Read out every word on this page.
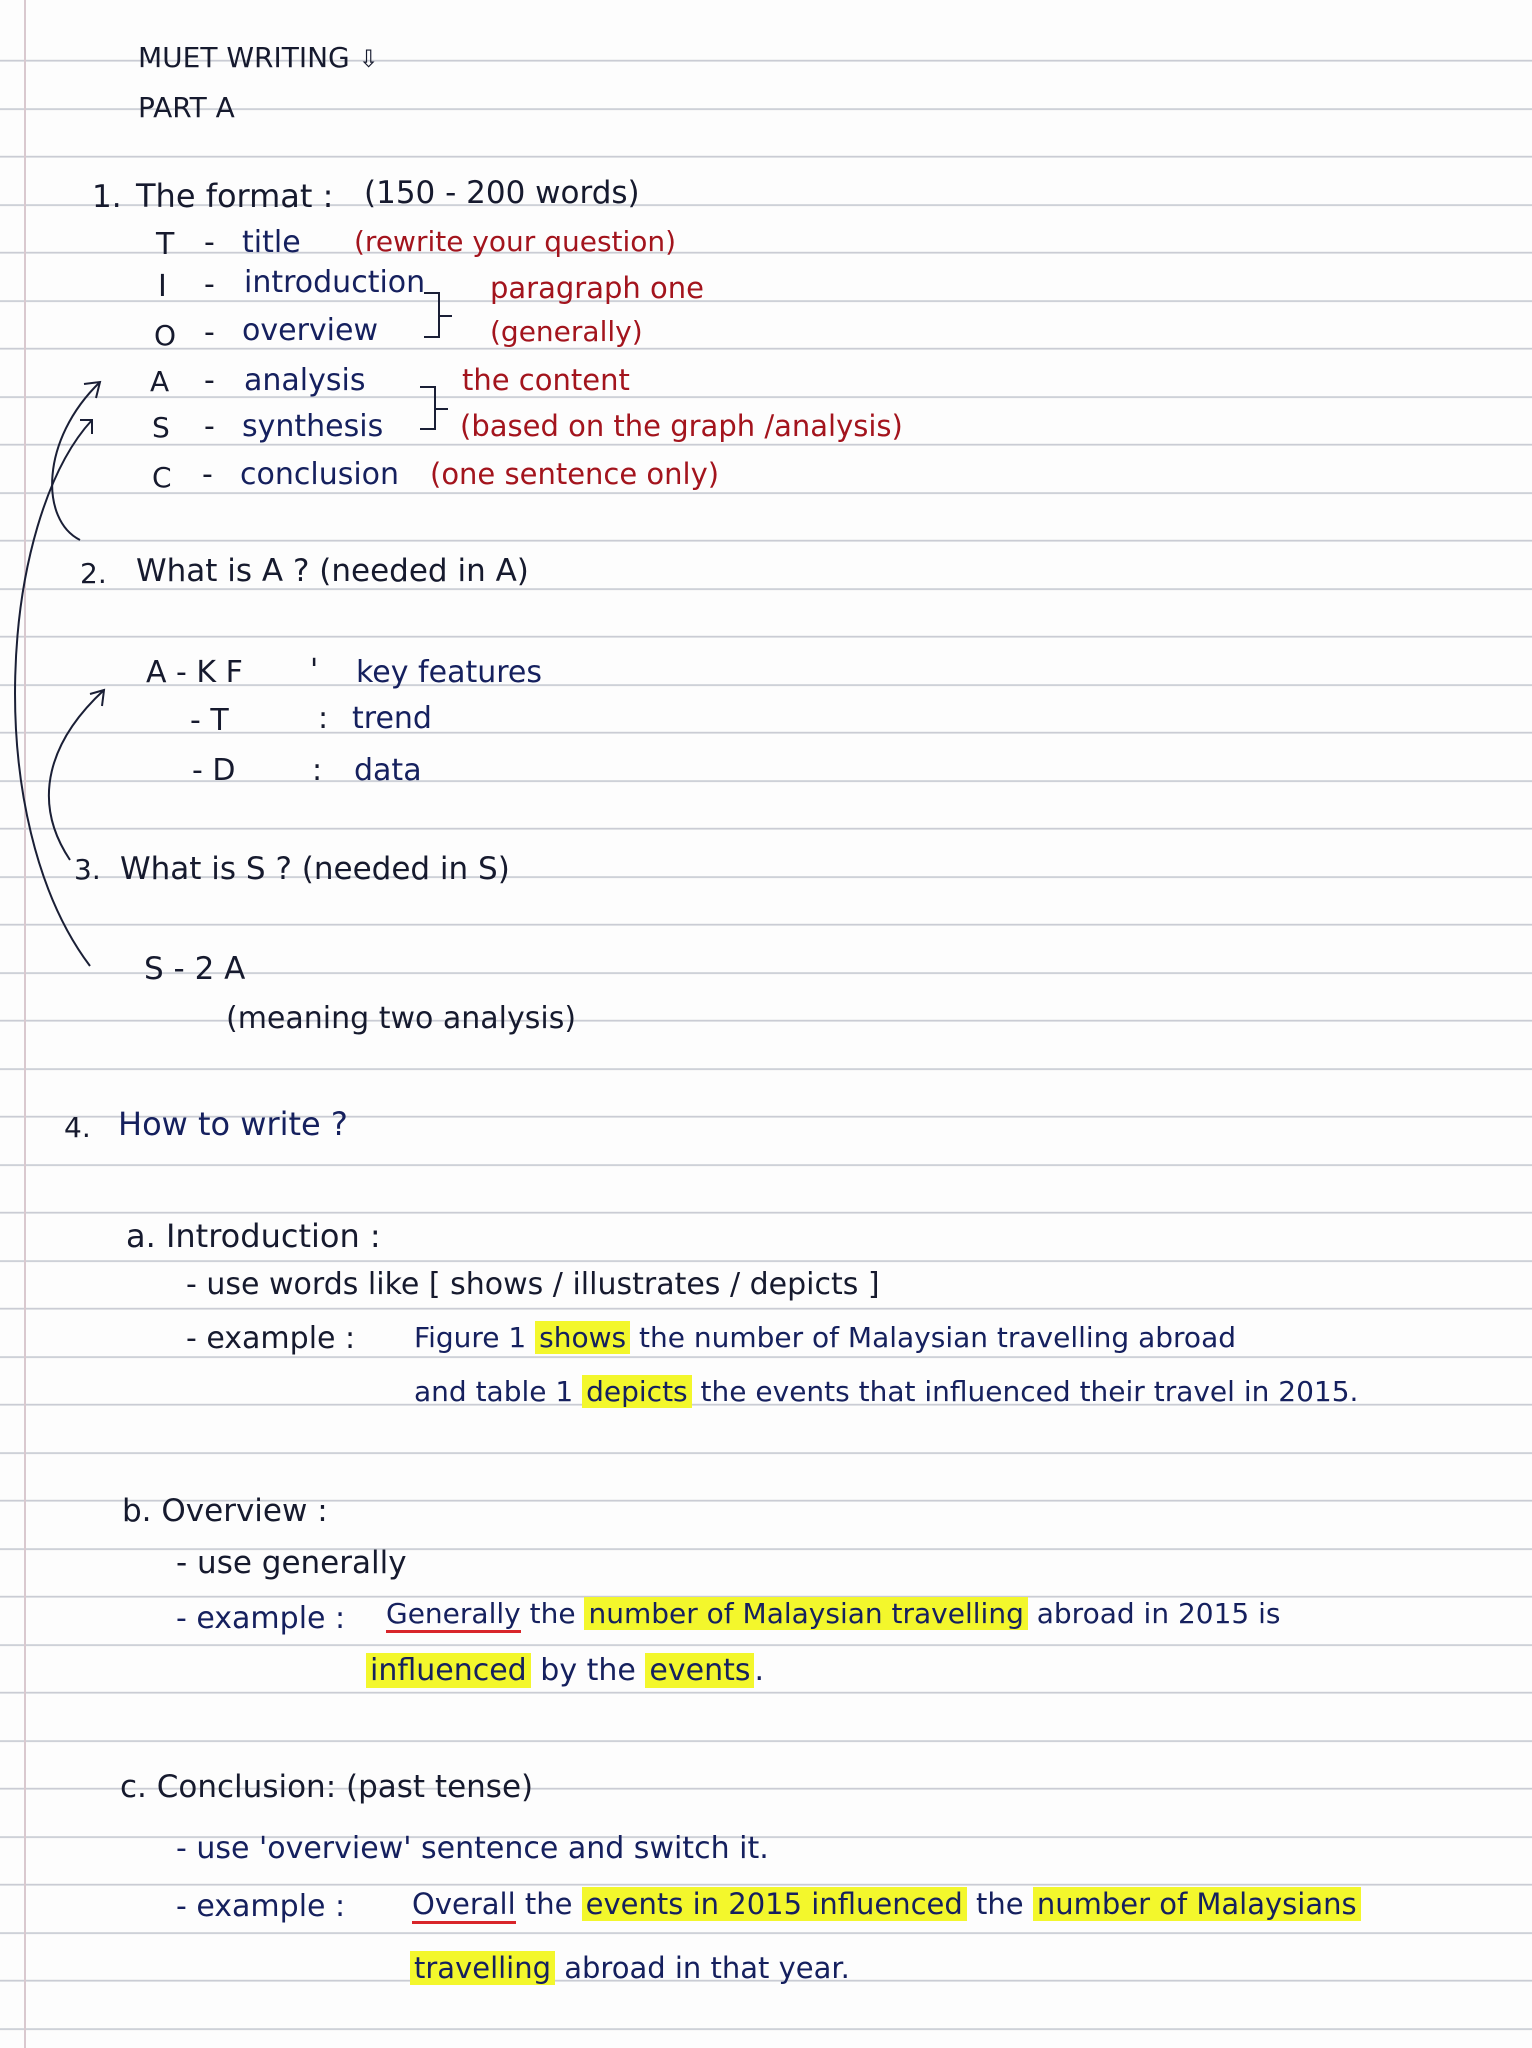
MUET WRITING ⇩
PART A
1. The format : (150 - 200 words)
T - title (rewrite your question)
I - introduction
O - overview
A - analysis
S - synthesis
C - conclusion (one sentence only)
paragraph one
(generally)
the content
(based on the graph /analysis)
2. What is A ? (needed in A)
A - K F ' key features
- T	: trend
- D	: data
3. What is S ? (needed in S)
S - 2 A
(meaning two analysis)
4. How to write ?
a. Introduction :
- use words like [ shows / illustrates / depicts ]
- example : Figure 1 shows the number of Malaysian travelling abroad
and table 1 depicts the events that influenced their travel in 2015.
b. Overview :
- use generally
- example : Generally the number of Malaysian travelling abroad in 2015 is
influenced by the events .
c. Conclusion: (past tense)
- use 'overview' sentence and switch it.
- example : Overall the events in 2015 influenced the number of Malaysians
travelling abroad in that year.
